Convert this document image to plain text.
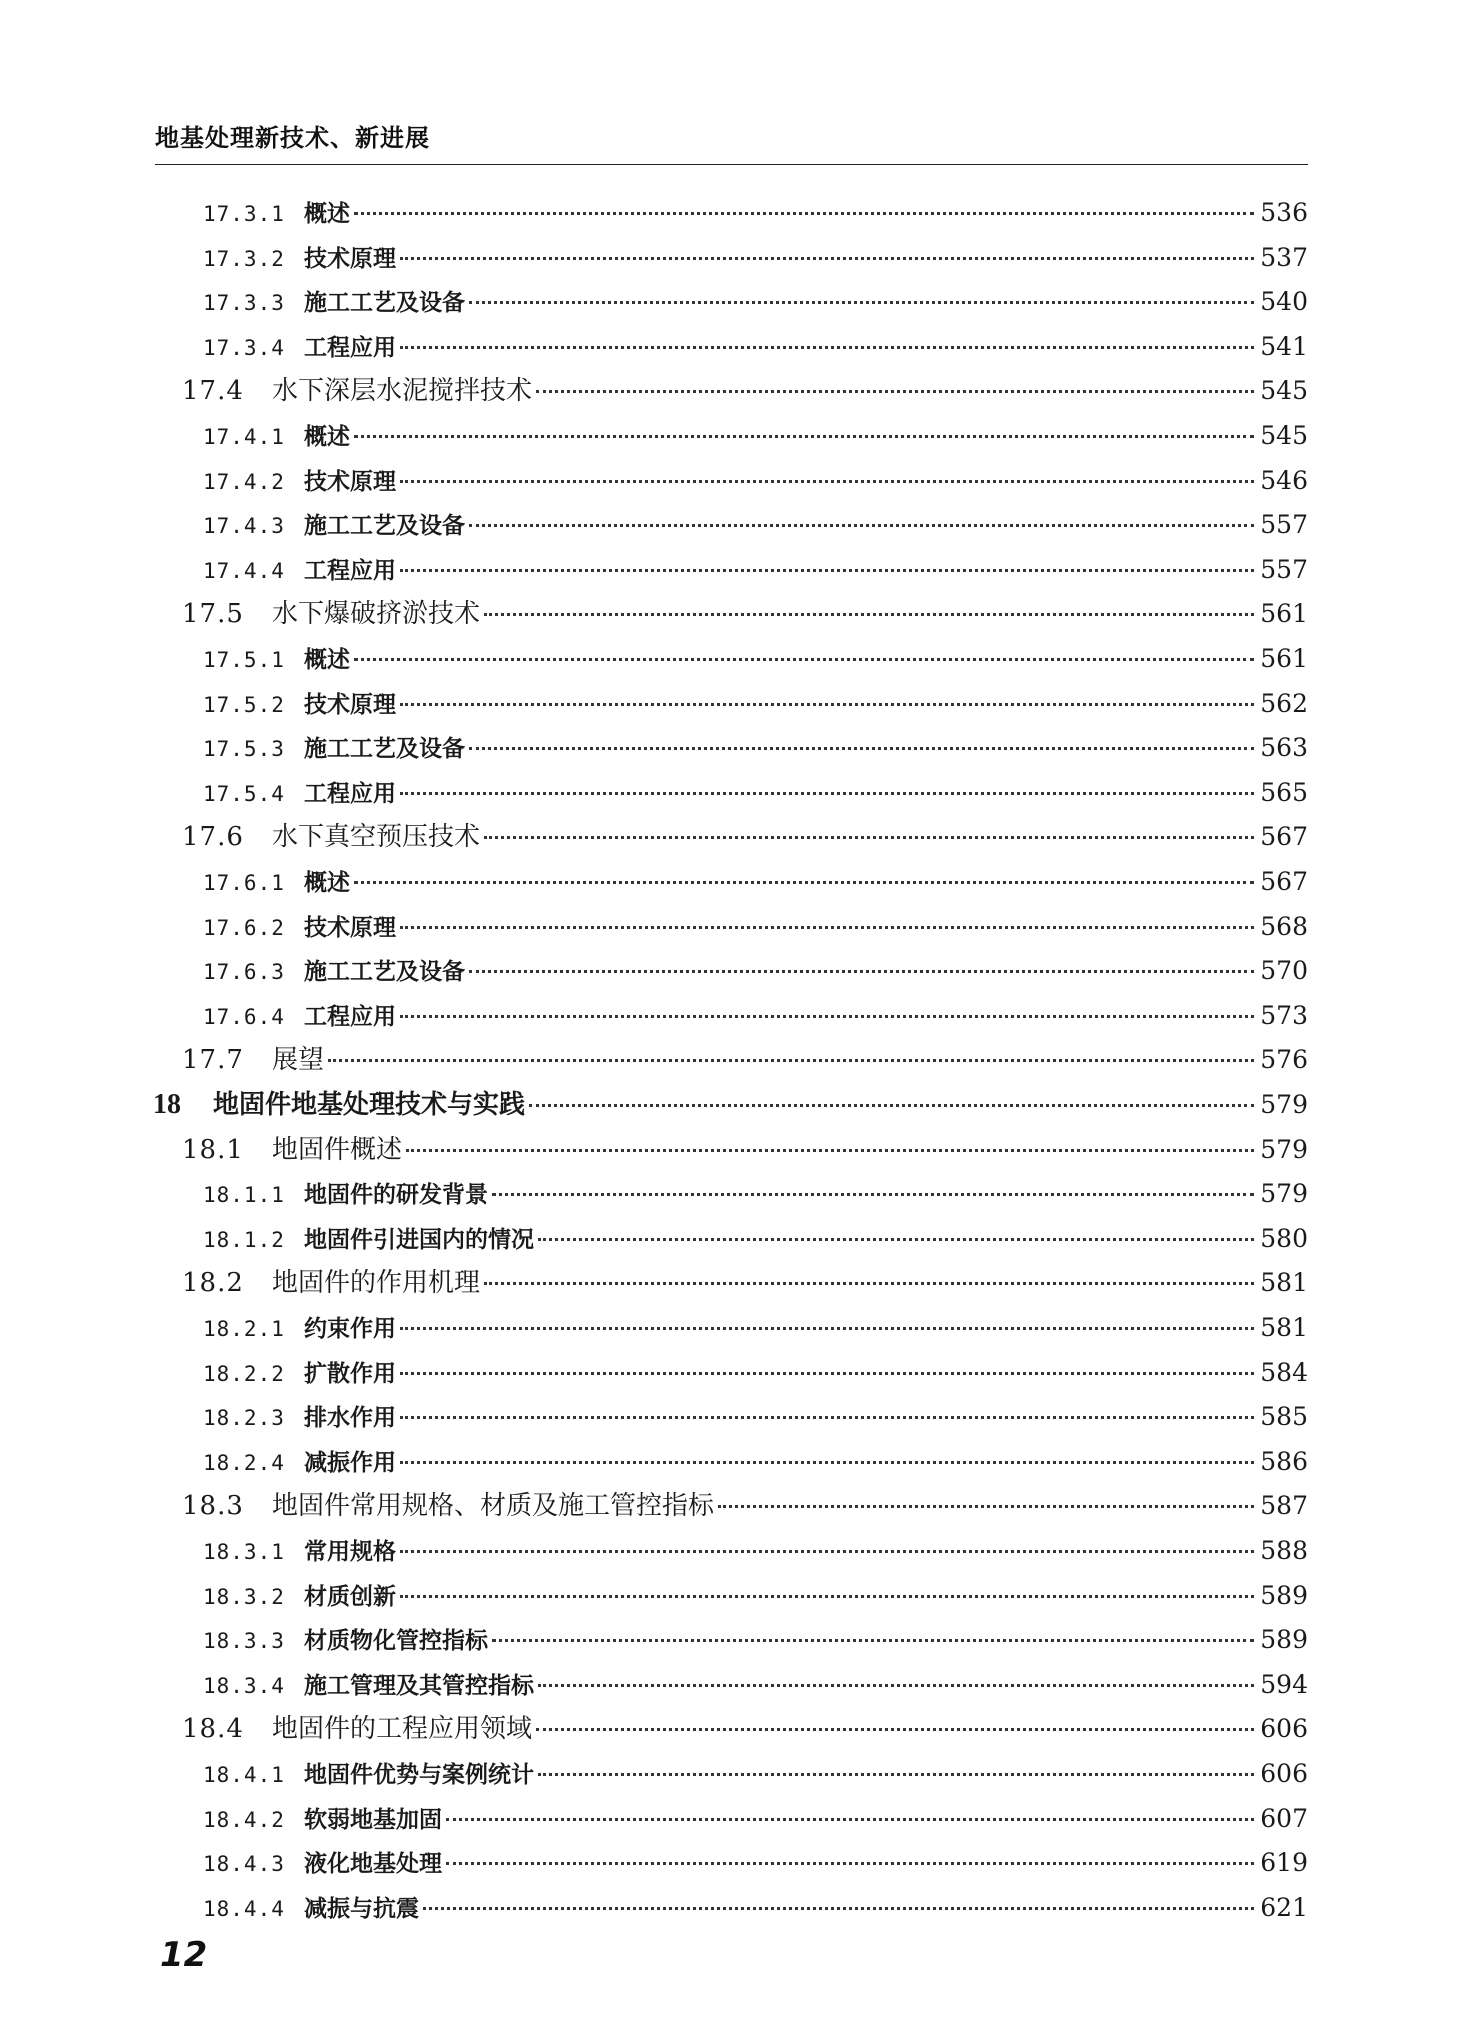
地基处理新技术、新进展
17.3.1 概述	536
17.3.2 技术原理	537
17.3.3 施工工艺及设备	540
17.3.4 工程应用	541
17.4	水下深层水泥搅拌技术	545
17.4.1 概述	545
17.4.2 技术原理	546
17.4.3 施工工艺及设备	557
17.4.4 工程应用	557
17.5	水下爆破挤淤技术	561
17.5.1 概述	561
17.5.2 技术原理	562
17.5.3 施工工艺及设备	563
17.5.4 工程应用	565
17.6	水下真空预压技术	567
17.6.1 概述	567
17.6.2 技术原理	568
17.6.3 施工工艺及设备	570
17.6.4 工程应用	573
17.7	展望	576
18	地固件地基处理技术与实践	579
18.1	地固件概述	579
18.1.1 地固件的研发背景	579
18.1.2 地固件引进国内的情况	580
18.2	地固件的作用机理	581
18.2.1 约束作用	581
18.2.2 扩散作用	584
18.2.3 排水作用	585
18.2.4 减振作用	586
18.3	地固件常用规格、材质及施工管控指标	587
18.3.1 常用规格	588
18.3.2 材质创新	589
18.3.3 材质物化管控指标	589
18.3.4 施工管理及其管控指标	594
18.4	地固件的工程应用领域	606
18.4.1 地固件优势与案例统计	606
18.4.2 软弱地基加固	607
18.4.3 液化地基处理	619
18.4.4 减振与抗震	621
12
